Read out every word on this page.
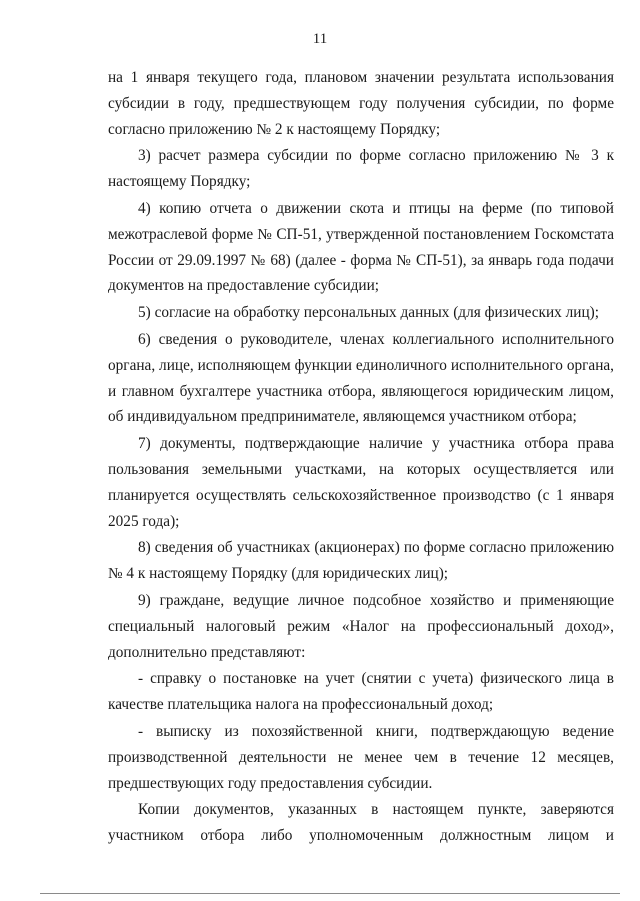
11

на 1 января текущего года, плановом значении результата использования субсидии в году, предшествующем году получения субсидии, по форме согласно приложению № 2 к настоящему Порядку;

3) расчет размера субсидии по форме согласно приложению № 3 к настоящему Порядку;

4) копию отчета о движении скота и птицы на ферме (по типовой межотраслевой форме № СП-51, утвержденной постановлением Госкомстата России от 29.09.1997 № 68) (далее - форма № СП-51), за январь года подачи документов на предоставление субсидии;

5) согласие на обработку персональных данных (для физических лиц);

6) сведения о руководителе, членах коллегиального исполнительного органа, лице, исполняющем функции единоличного исполнительного органа, и главном бухгалтере участника отбора, являющегося юридическим лицом, об индивидуальном предпринимателе, являющемся участником отбора;

7) документы, подтверждающие наличие у участника отбора права пользования земельными участками, на которых осуществляется или планируется осуществлять сельскохозяйственное производство (с 1 января 2025 года);

8) сведения об участниках (акционерах) по форме согласно приложению № 4 к настоящему Порядку (для юридических лиц);

9) граждане, ведущие личное подсобное хозяйство и применяющие специальный налоговый режим «Налог на профессиональный доход», дополнительно представляют:

- справку о постановке на учет (снятии с учета) физического лица в качестве плательщика налога на профессиональный доход;

- выписку из похозяйственной книги, подтверждающую ведение производственной деятельности не менее чем в течение 12 месяцев, предшествующих году предоставления субсидии.

Копии документов, указанных в настоящем пункте, заверяются участником отбора либо уполномоченным должностным лицом и
